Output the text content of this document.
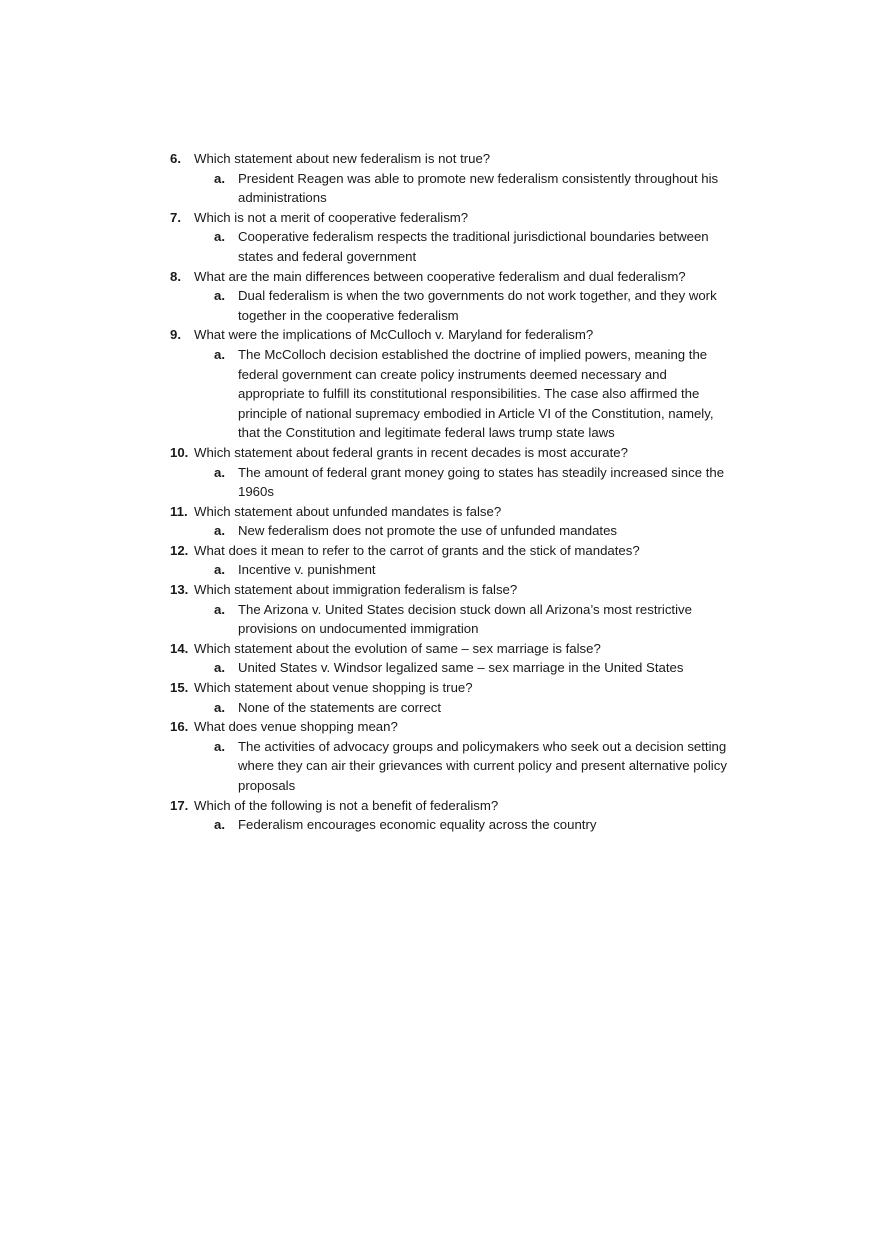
6. Which statement about new federalism is not true?
a. President Reagen was able to promote new federalism consistently throughout his administrations
7. Which is not a merit of cooperative federalism?
a. Cooperative federalism respects the traditional jurisdictional boundaries between states and federal government
8. What are the main differences between cooperative federalism and dual federalism?
a. Dual federalism is when the two governments do not work together, and they work together in the cooperative federalism
9. What were the implications of McCulloch v. Maryland for federalism?
a. The McColloch decision established the doctrine of implied powers, meaning the federal government can create policy instruments deemed necessary and appropriate to fulfill its constitutional responsibilities. The case also affirmed the principle of national supremacy embodied in Article VI of the Constitution, namely, that the Constitution and legitimate federal laws trump state laws
10. Which statement about federal grants in recent decades is most accurate?
a. The amount of federal grant money going to states has steadily increased since the 1960s
11. Which statement about unfunded mandates is false?
a. New federalism does not promote the use of unfunded mandates
12. What does it mean to refer to the carrot of grants and the stick of mandates?
a. Incentive v. punishment
13. Which statement about immigration federalism is false?
a. The Arizona v. United States decision stuck down all Arizona’s most restrictive provisions on undocumented immigration
14. Which statement about the evolution of same – sex marriage is false?
a. United States v. Windsor legalized same – sex marriage in the United States
15. Which statement about venue shopping is true?
a. None of the statements are correct
16. What does venue shopping mean?
a. The activities of advocacy groups and policymakers who seek out a decision setting where they can air their grievances with current policy and present alternative policy proposals
17. Which of the following is not a benefit of federalism?
a. Federalism encourages economic equality across the country
